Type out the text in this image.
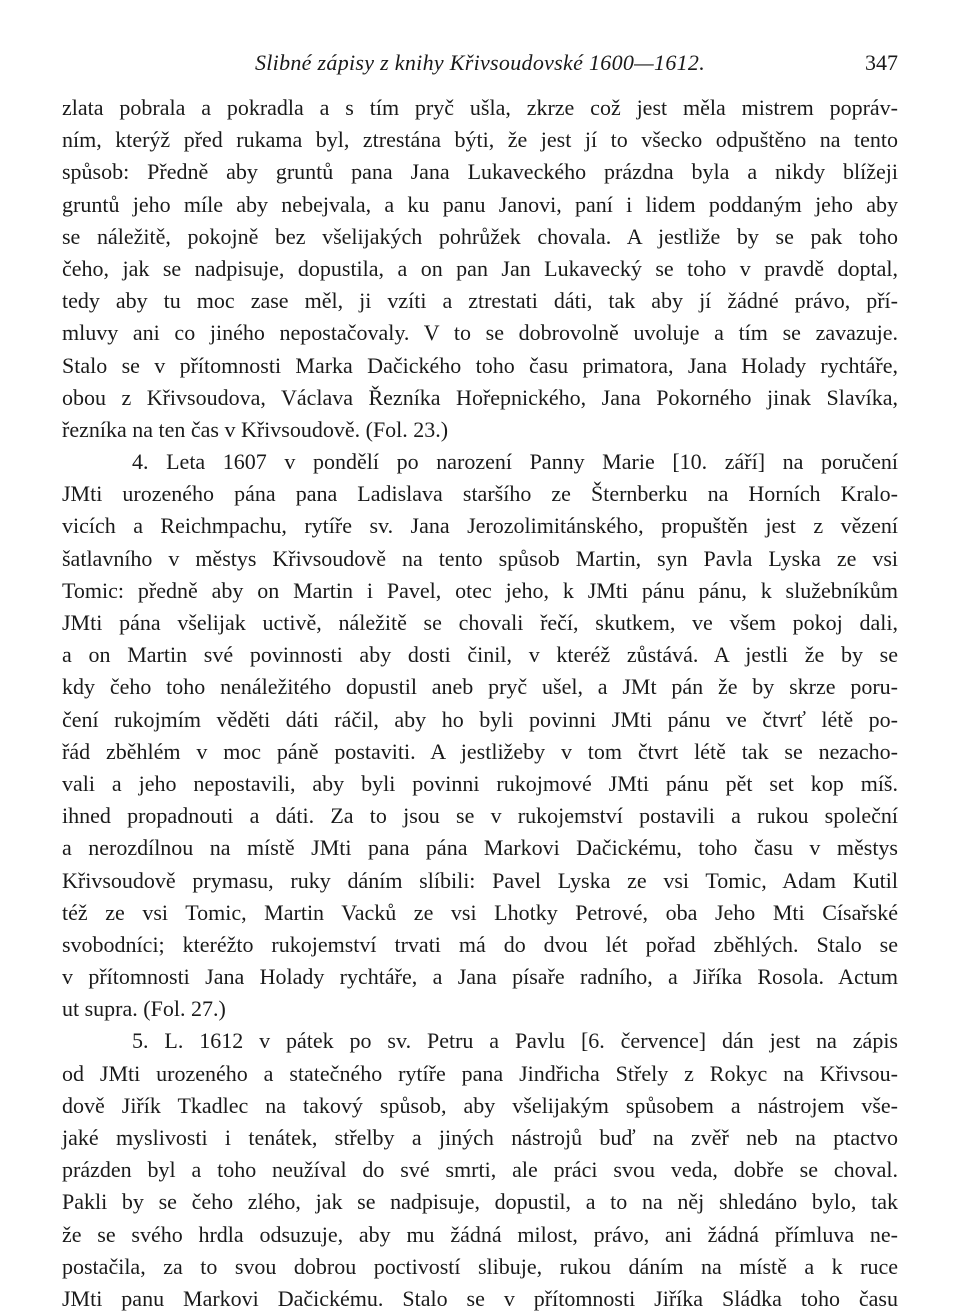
Slibné zápisy z knihy Křivsoudovské 1600—1612.	347
zlata pobrala a pokradla a s tím pryč ušla, zkrze což jest měla mistrem popráv-
ním, kterýž před rukama byl, ztrestána býti, že jest jí to všecko odpuštěno na tento
spůsob: Předně aby gruntů pana Jana Lukaveckého prázdna byla a nikdy blížeji
gruntů jeho míle aby nebejvala, a ku panu Janovi, paní i lidem poddaným jeho aby
se náležitě, pokojně bez všelijakých pohrůžek chovala. A jestliže by se pak toho
čeho, jak se nadpisuje, dopustila, a on pan Jan Lukavecký se toho v pravdě doptal,
tedy aby tu moc zase měl, ji vzíti a ztrestati dáti, tak aby jí žádné právo, pří-
mluvy ani co jiného nepostačovaly. V to se dobrovolně uvoluje a tím se zavazuje.
Stalo se v přítomnosti Marka Dačického toho času primatora, Jana Holady rychtáře,
obou z Křivsoudova, Václava Řezníka Hořepnického, Jana Pokorného jinak Slavíka,
řezníka na ten čas v Křivsoudově. (Fol. 23.)
4. Leta 1607 v pondělí po narození Panny Marie [10. září] na poručení
JMti urozeného pána pana Ladislava staršího ze Šternberku na Horních Kralo-
vicích a Reichmpachu, rytíře sv. Jana Jerozolimitánského, propuštěn jest z vězení
šatlavního v městys Křivsoudově na tento spůsob Martin, syn Pavla Lyska ze vsi
Tomic: předně aby on Martin i Pavel, otec jeho, k JMti pánu pánu, k služebníkům
JMti pána všelijak uctivě, náležitě se chovali řečí, skutkem, ve všem pokoj dali,
a on Martin své povinnosti aby dosti činil, v kteréž zůstává. A jestli že by se
kdy čeho toho nenáležitého dopustil aneb pryč ušel, a JMt pán že by skrze poru-
čení rukojmím věděti dáti ráčil, aby ho byli povinni JMti pánu ve čtvrť létě po-
řád zběhlém v moc páně postaviti. A jestližeby v tom čtvrt létě tak se nezacho-
vali a jeho nepostavili, aby byli povinni rukojmové JMti pánu pět set kop míš.
ihned propadnouti a dáti. Za to jsou se v rukojemství postavili a rukou společní
a nerozdílnou na místě JMti pana pána Markovi Dačickému, toho času v městys
Křivsoudově prymasu, ruky dáním slíbili: Pavel Lyska ze vsi Tomic, Adam Kutil
též ze vsi Tomic, Martin Vacků ze vsi Lhotky Petrové, oba Jeho Mti Císařské
svobodníci; kteréžto rukojemství trvati má do dvou lét pořad zběhlých. Stalo se
v přítomnosti Jana Holady rychtáře, a Jana písaře radního, a Jiříka Rosola. Actum
ut supra. (Fol. 27.)
5. L. 1612 v pátek po sv. Petru a Pavlu [6. července] dán jest na zápis
od JMti urozeného a statečného rytíře pana Jindřicha Střely z Rokyc na Křivsou-
dově Jiřík Tkadlec na takový spůsob, aby všelijakým spůsobem a nástrojem vše-
jaké myslivosti i tenátek, střelby a jiných nástrojů buď na zvěř neb na ptactvo
prázden byl a toho neužíval do své smrti, ale práci svou veda, dobře se choval.
Pakli by se čeho zlého, jak se nadpisuje, dopustil, a to na něj shledáno bylo, tak
že se svého hrdla odsuzuje, aby mu žádná milost, právo, ani žádná přímluva ne-
postačila, za to svou dobrou poctivostí slibuje, rukou dáním na místě a k ruce
JMti panu Markovi Dačickému. Stalo se v přítomnosti Jiříka Sládka toho času
